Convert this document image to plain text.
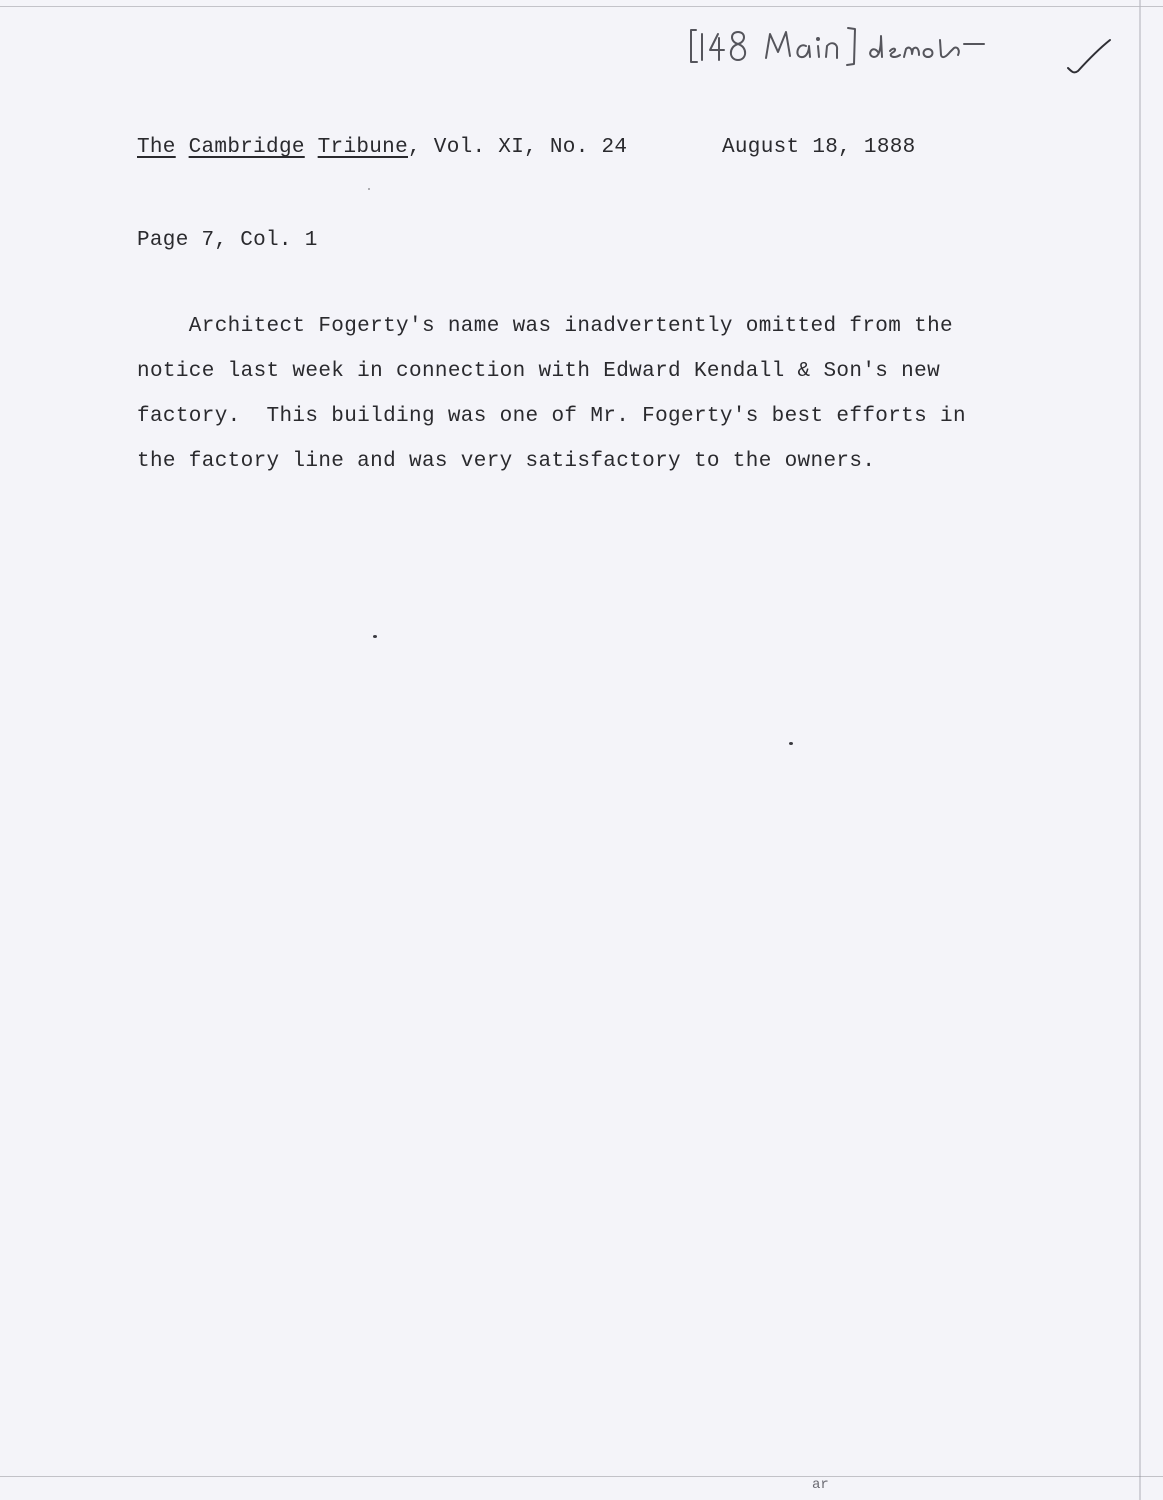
The Cambridge Tribune, Vol. XI, No. 24	August 18, 1888
Page 7, Col. 1
Architect Fogerty's name was inadvertently omitted from the
notice last week in connection with Edward Kendall & Son's new
factory.  This building was one of Mr. Fogerty's best efforts in
the factory line and was very satisfactory to the owners.
ar
